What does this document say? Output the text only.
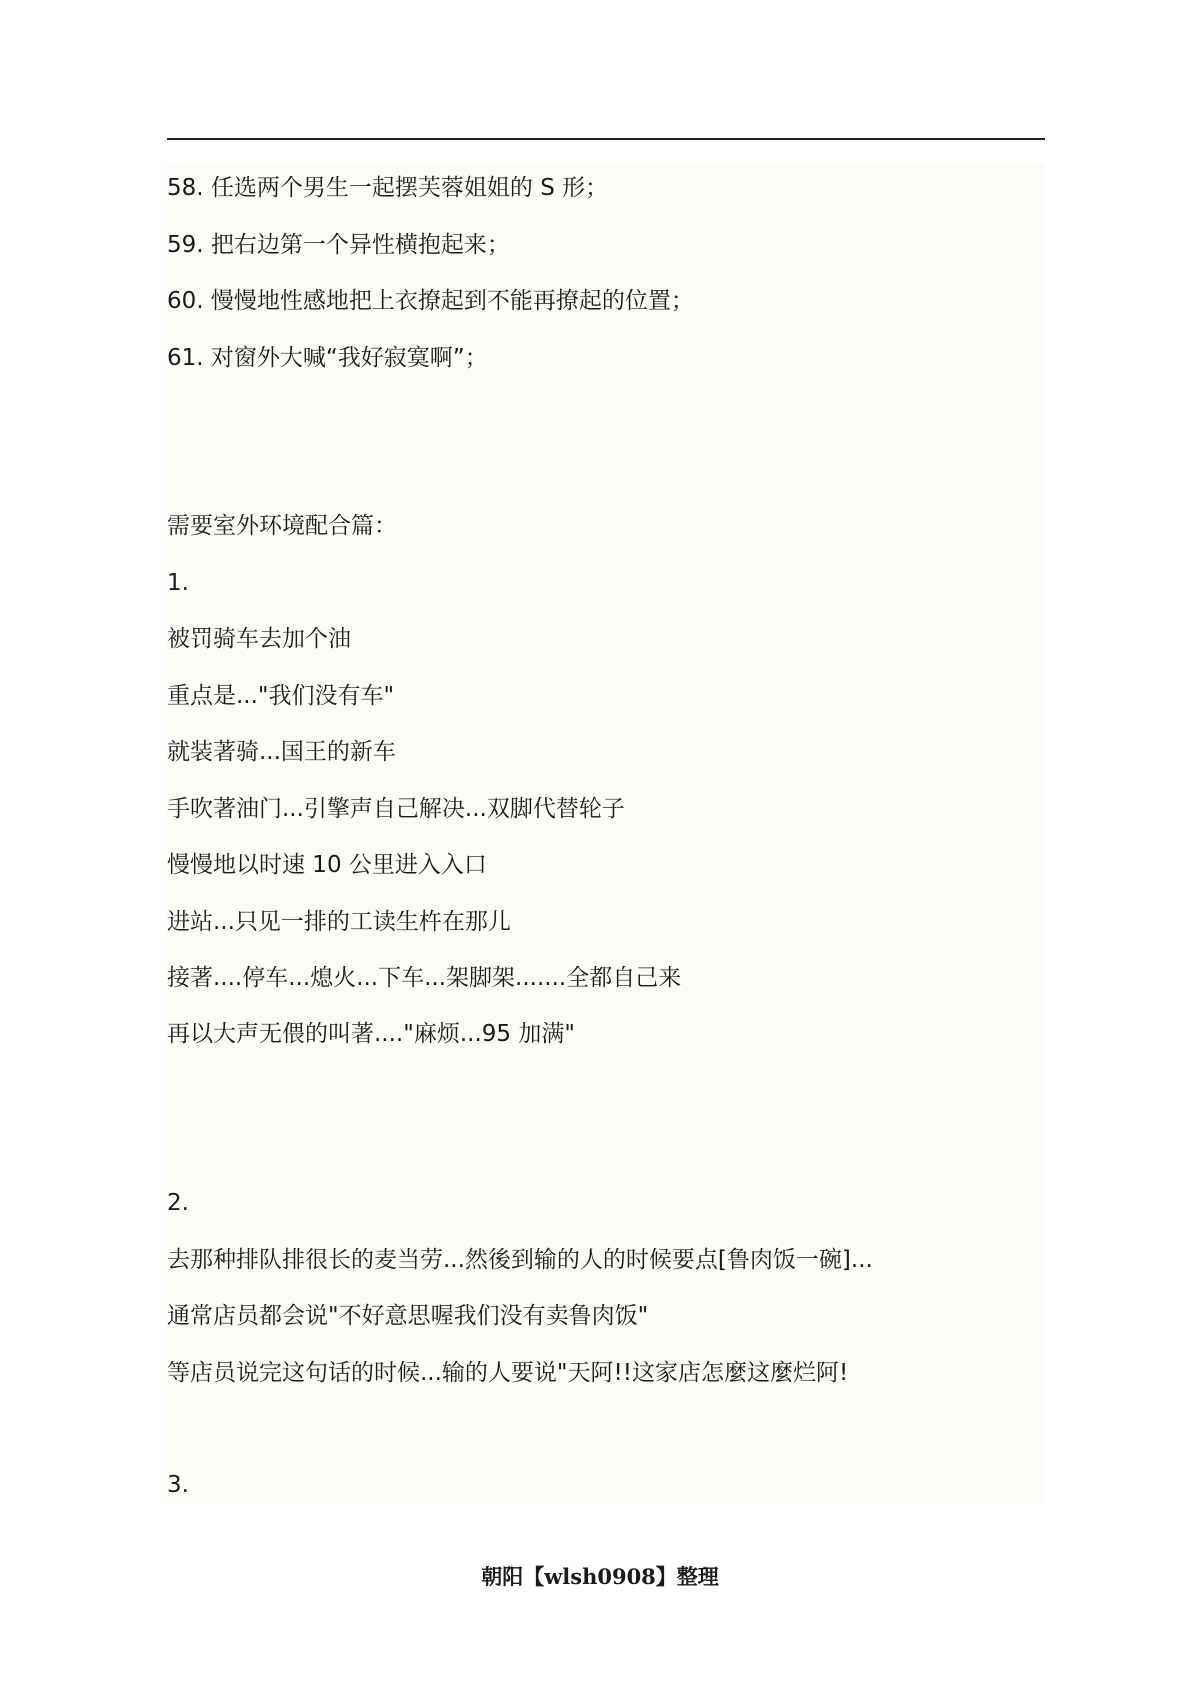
58. 任选两个男生一起摆芙蓉姐姐的 S 形；
59. 把右边第一个异性横抱起来；
60. 慢慢地性感地把上衣撩起到不能再撩起的位置；
61. 对窗外大喊“我好寂寞啊”；
需要室外环境配合篇：
1.
被罚骑车去加个油
重点是..."我们没有车"
就装著骑...国王的新车
手吹著油门...引擎声自己解决...双脚代替轮子
慢慢地以时速 10 公里进入入口
进站...只见一排的工读生杵在那儿
接著....停车...熄火...下车...架脚架.......全都自己来
再以大声无偎的叫著...."麻烦...95 加满"
2.
去那种排队排很长的麦当劳...然後到输的人的时候要点[鲁肉饭一碗]...
通常店员都会说"不好意思喔我们没有卖鲁肉饭"
等店员说完这句话的时候...输的人要说"天阿!!这家店怎麼这麼烂阿!
3.
朝阳【wlsh0908】整理
